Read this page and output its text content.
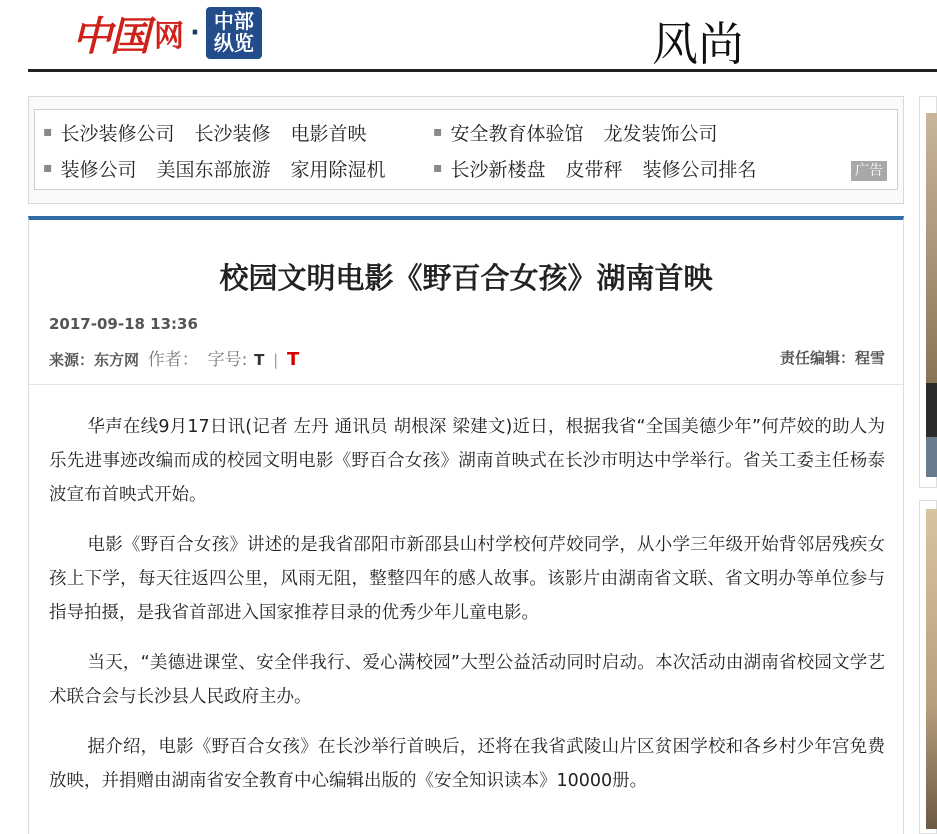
中国 网 · 中部
纵览	风尚
▪ 长沙装修公司 长沙装修 电影首映	▪ 安全教育体验馆 龙发装饰公司
▪ 装修公司 美国东部旅游 家用除湿机	▪ 长沙新楼盘 皮带秤 装修公司排名	广告
校园文明电影《野百合女孩》湖南首映
2017-09-18 13:36
来源：东方网 作者： 字号: T | T	责任编辑：程雪

华声在线9月17日讯(记者 左丹 通讯员 胡根深 梁建文)近日，根据我省“全国美德少年”何芹姣的助人为乐先进事迹改编而成的校园文明电影《野百合女孩》湖南首映式在长沙市明达中学举行。省关工委主任杨泰波宣布首映式开始。

电影《野百合女孩》讲述的是我省邵阳市新邵县山村学校何芹姣同学，从小学三年级开始背邻居残疾女孩上下学，每天往返四公里，风雨无阻，整整四年的感人故事。该影片由湖南省文联、省文明办等单位参与指导拍摄，是我省首部进入国家推荐目录的优秀少年儿童电影。

当天，“美德进课堂、安全伴我行、爱心满校园”大型公益活动同时启动。本次活动由湖南省校园文学艺术联合会与长沙县人民政府主办。

据介绍，电影《野百合女孩》在长沙举行首映后，还将在我省武陵山片区贫困学校和各乡村少年宫免费放映，并捐赠由湖南省安全教育中心编辑出版的《安全知识读本》10000册。
